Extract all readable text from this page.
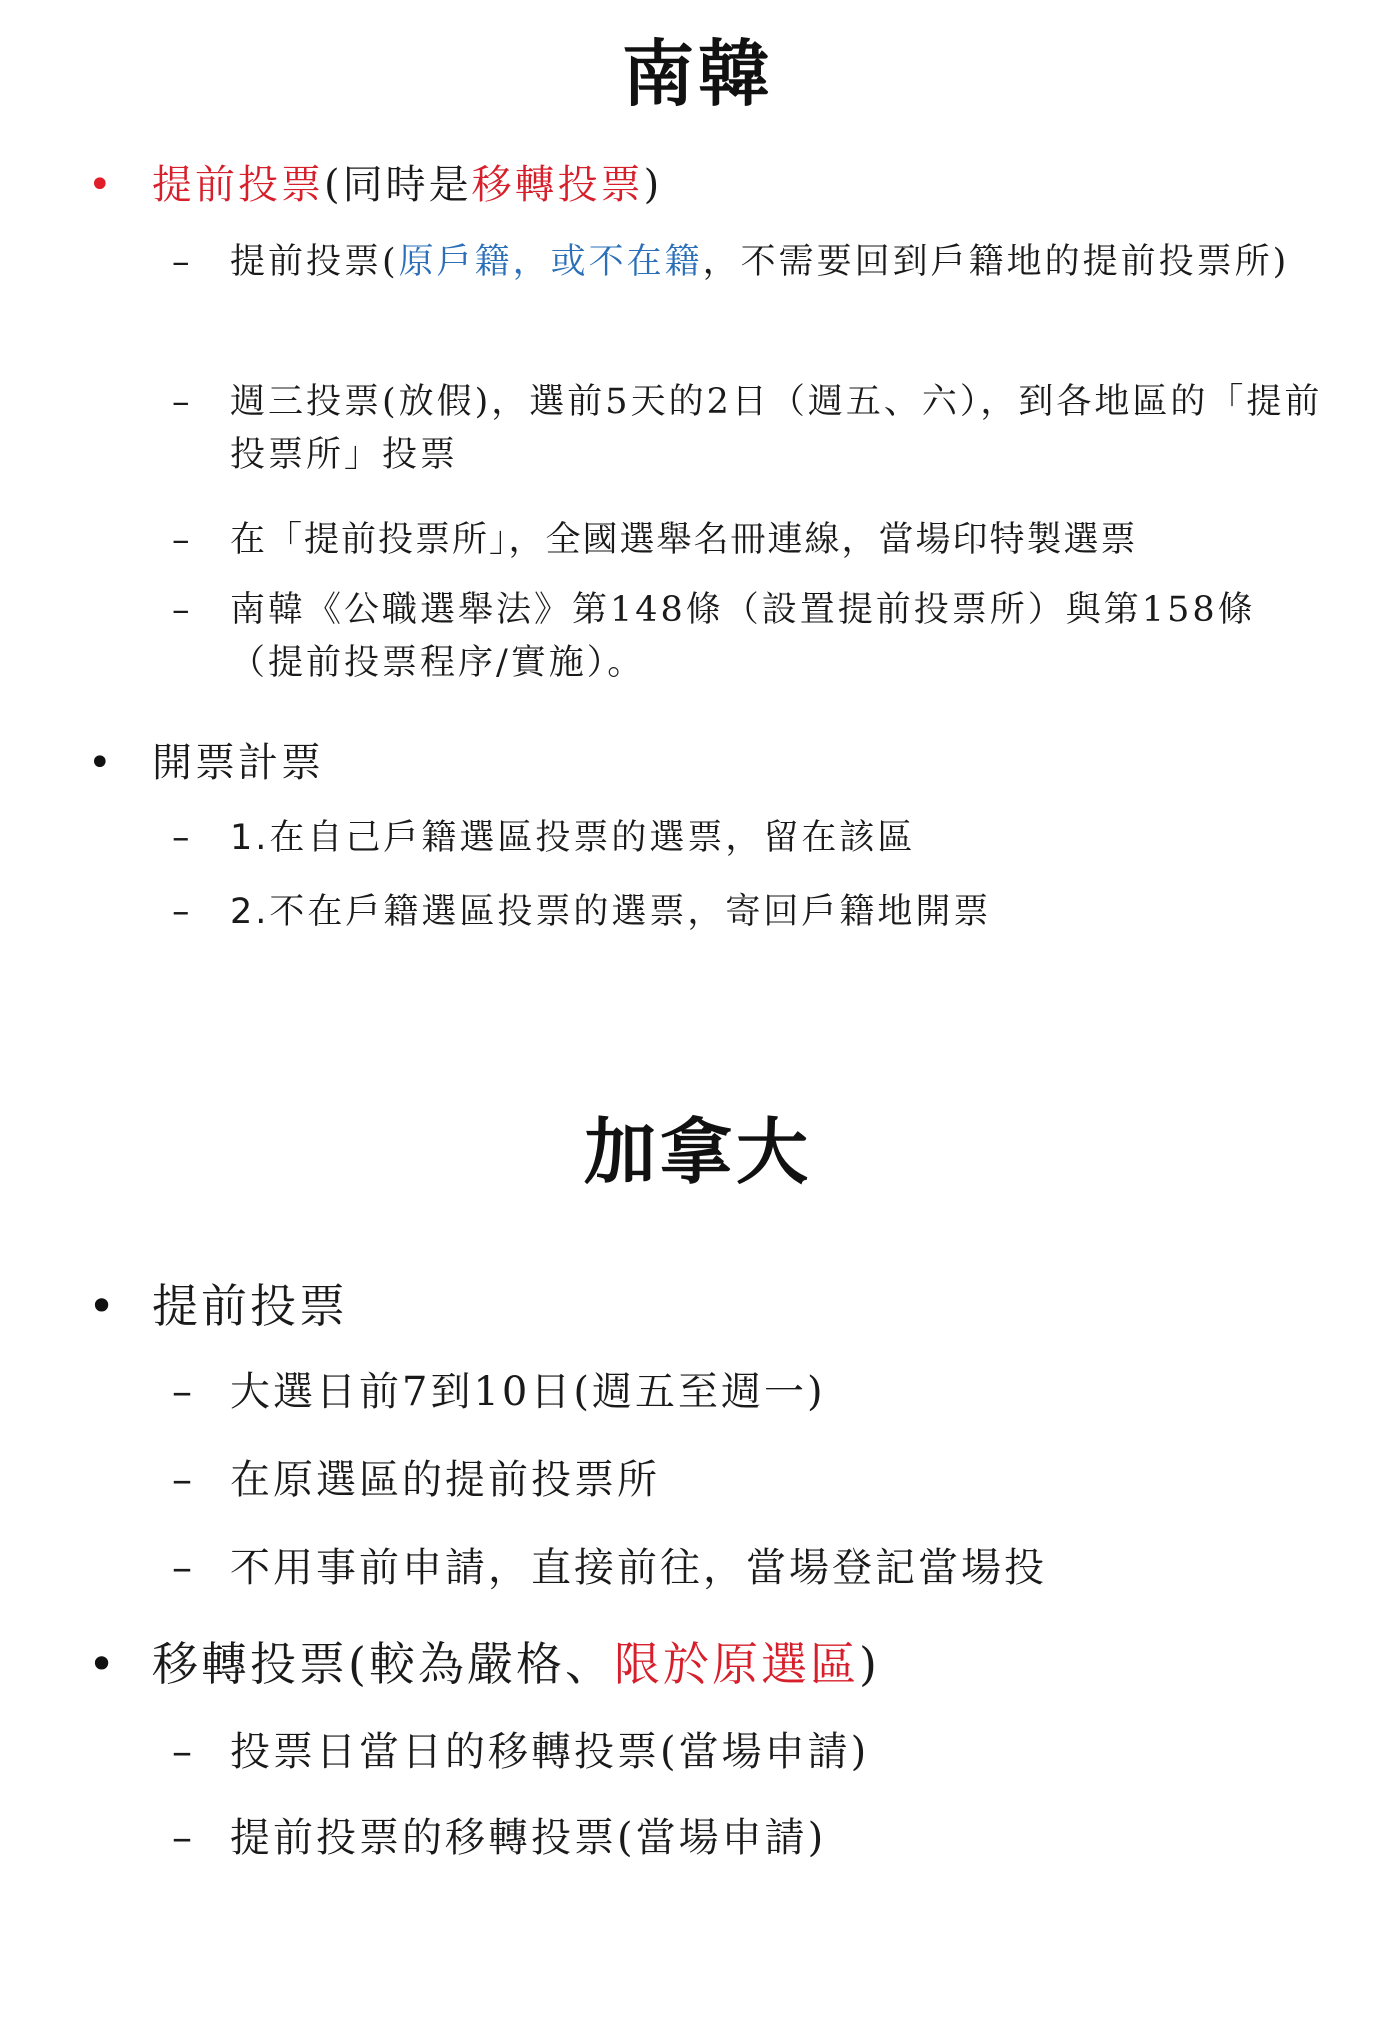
南韓
•	提前投票(同時是移轉投票)
–	提前投票(原戶籍，或不在籍，不需要回到戶籍地的提前投票所)
–	週三投票(放假)，選前5天的2日（週五、六），到各地區的「提前投票所」投票
–	在「提前投票所」，全國選舉名冊連線，當場印特製選票
–	南韓《公職選舉法》第148條（設置提前投票所）與第158條（提前投票程序/實施）。
•	開票計票
–	1.在自己戶籍選區投票的選票，留在該區
–	2.不在戶籍選區投票的選票，寄回戶籍地開票
加拿大
• 提前投票
– 大選日前7到10日(週五至週一)
– 在原選區的提前投票所
– 不用事前申請，直接前往，當場登記當場投
• 移轉投票(較為嚴格、限於原選區)
– 投票日當日的移轉投票(當場申請)
– 提前投票的移轉投票(當場申請)
